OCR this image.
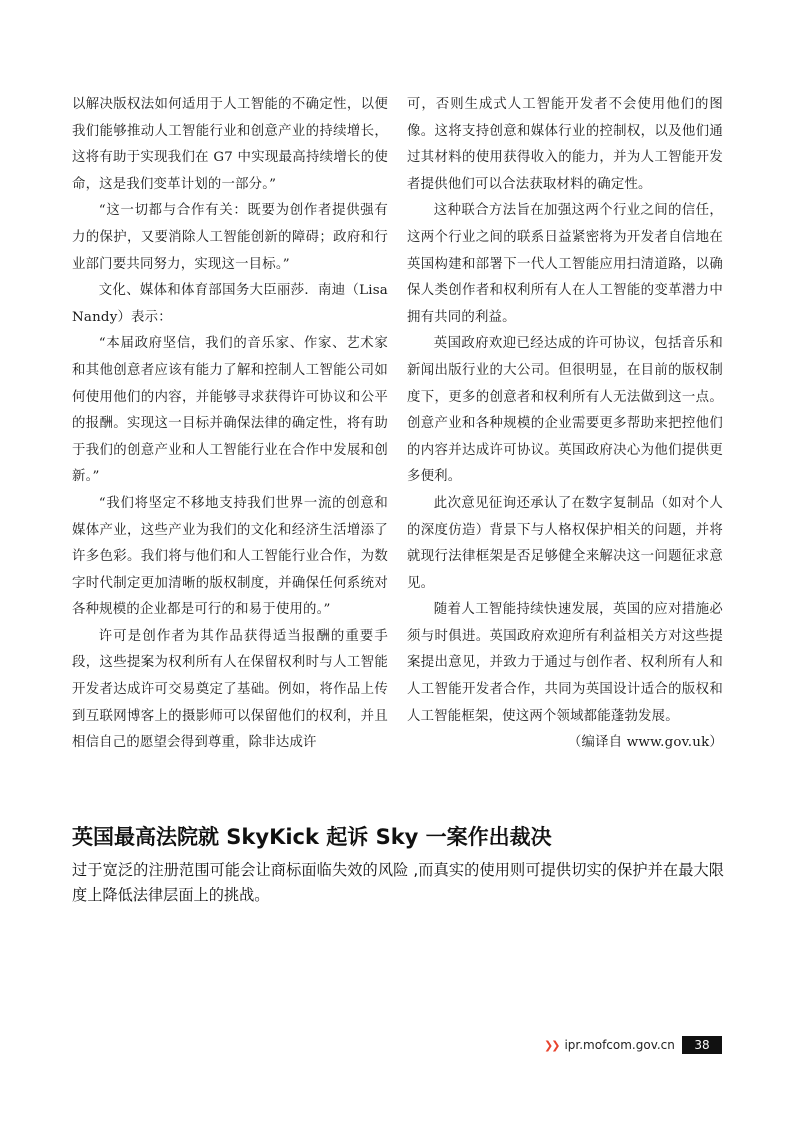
以解决版权法如何适用于人工智能的不确定性，以便我们能够推动人工智能行业和创意产业的持续增长，这将有助于实现我们在 G7 中实现最高持续增长的使命，这是我们变革计划的一部分。”

“这一切都与合作有关：既要为创作者提供强有力的保护，又要消除人工智能创新的障碍；政府和行业部门要共同努力，实现这一目标。”

文化、媒体和体育部国务大臣丽莎．南迪（Lisa Nandy）表示：

“本届政府坚信，我们的音乐家、作家、艺术家和其他创意者应该有能力了解和控制人工智能公司如何使用他们的内容，并能够寻求获得许可协议和公平的报酬。实现这一目标并确保法律的确定性，将有助于我们的创意产业和人工智能行业在合作中发展和创新。”

“我们将坚定不移地支持我们世界一流的创意和媒体产业，这些产业为我们的文化和经济生活增添了许多色彩。我们将与他们和人工智能行业合作，为数字时代制定更加清晰的版权制度，并确保任何系统对各种规模的企业都是可行的和易于使用的。”

许可是创作者为其作品获得适当报酬的重要手段，这些提案为权利所有人在保留权利时与人工智能开发者达成许可交易奠定了基础。例如，将作品上传到互联网博客上的摄影师可以保留他们的权利，并且相信自己的愿望会得到尊重，除非达成许

可，否则生成式人工智能开发者不会使用他们的图像。这将支持创意和媒体行业的控制权，以及他们通过其材料的使用获得收入的能力，并为人工智能开发者提供他们可以合法获取材料的确定性。

这种联合方法旨在加强这两个行业之间的信任，这两个行业之间的联系日益紧密将为开发者自信地在英国构建和部署下一代人工智能应用扫清道路，以确保人类创作者和权利所有人在人工智能的变革潜力中拥有共同的利益。

英国政府欢迎已经达成的许可协议，包括音乐和新闻出版行业的大公司。但很明显，在目前的版权制度下，更多的创意者和权利所有人无法做到这一点。创意产业和各种规模的企业需要更多帮助来把控他们的内容并达成许可协议。英国政府决心为他们提供更多便利。

此次意见征询还承认了在数字复制品（如对个人的深度仿造）背景下与人格权保护相关的问题，并将就现行法律框架是否足够健全来解决这一问题征求意见。

随着人工智能持续快速发展，英国的应对措施必须与时俱进。英国政府欢迎所有利益相关方对这些提案提出意见，并致力于通过与创作者、权利所有人和人工智能开发者合作，共同为英国设计适合的版权和人工智能框架，使这两个领域都能蓬勃发展。

（编译自 www.gov.uk）

英国最高法院就 SkyKick 起诉 Sky 一案作出裁决

过于宽泛的注册范围可能会让商标面临失效的风险 ,而真实的使用则可提供切实的保护并在最大限度上降低法律层面上的挑战。

❯❯ ipr.mofcom.gov.cn	38
